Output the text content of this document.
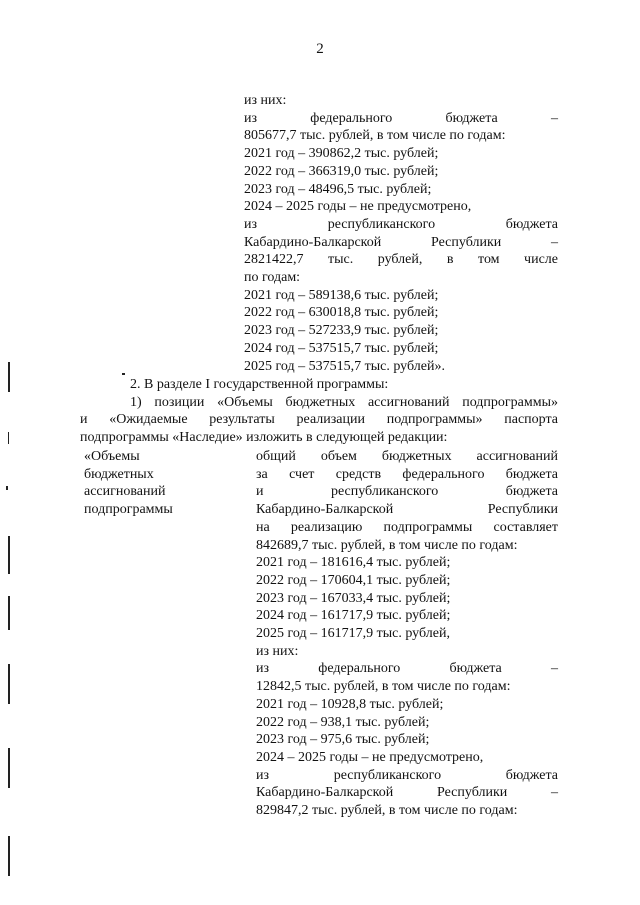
2
из них:
из федерального бюджета –
805677,7 тыс. рублей, в том числе по годам:
2021 год – 390862,2 тыс. рублей;
2022 год – 366319,0 тыс. рублей;
2023 год – 48496,5 тыс. рублей;
2024 – 2025 годы – не предусмотрено,
из республиканского бюджета
Кабардино-Балкарской Республики –
2821422,7 тыс. рублей, в том числе
по годам:
2021 год – 589138,6 тыс. рублей;
2022 год – 630018,8 тыс. рублей;
2023 год – 527233,9 тыс. рублей;
2024 год – 537515,7 тыс. рублей;
2025 год – 537515,7 тыс. рублей».
2. В разделе I государственной программы:
1) позиции «Объемы бюджетных ассигнований подпрограммы»
и «Ожидаемые результаты реализации подпрограммы» паспорта
подпрограммы «Наследие» изложить в следующей редакции:
«Объемы
бюджетных
ассигнований
подпрограммы
общий объем бюджетных ассигнований
за счет средств федерального бюджета
и республиканского бюджета
Кабардино-Балкарской Республики
на реализацию подпрограммы составляет
842689,7 тыс. рублей, в том числе по годам:
2021 год – 181616,4 тыс. рублей;
2022 год – 170604,1 тыс. рублей;
2023 год – 167033,4 тыс. рублей;
2024 год – 161717,9 тыс. рублей;
2025 год – 161717,9 тыс. рублей,
из них:
из федерального бюджета –
12842,5 тыс. рублей, в том числе по годам:
2021 год – 10928,8 тыс. рублей;
2022 год – 938,1 тыс. рублей;
2023 год – 975,6 тыс. рублей;
2024 – 2025 годы – не предусмотрено,
из республиканского бюджета
Кабардино-Балкарской Республики –
829847,2 тыс. рублей, в том числе по годам:
